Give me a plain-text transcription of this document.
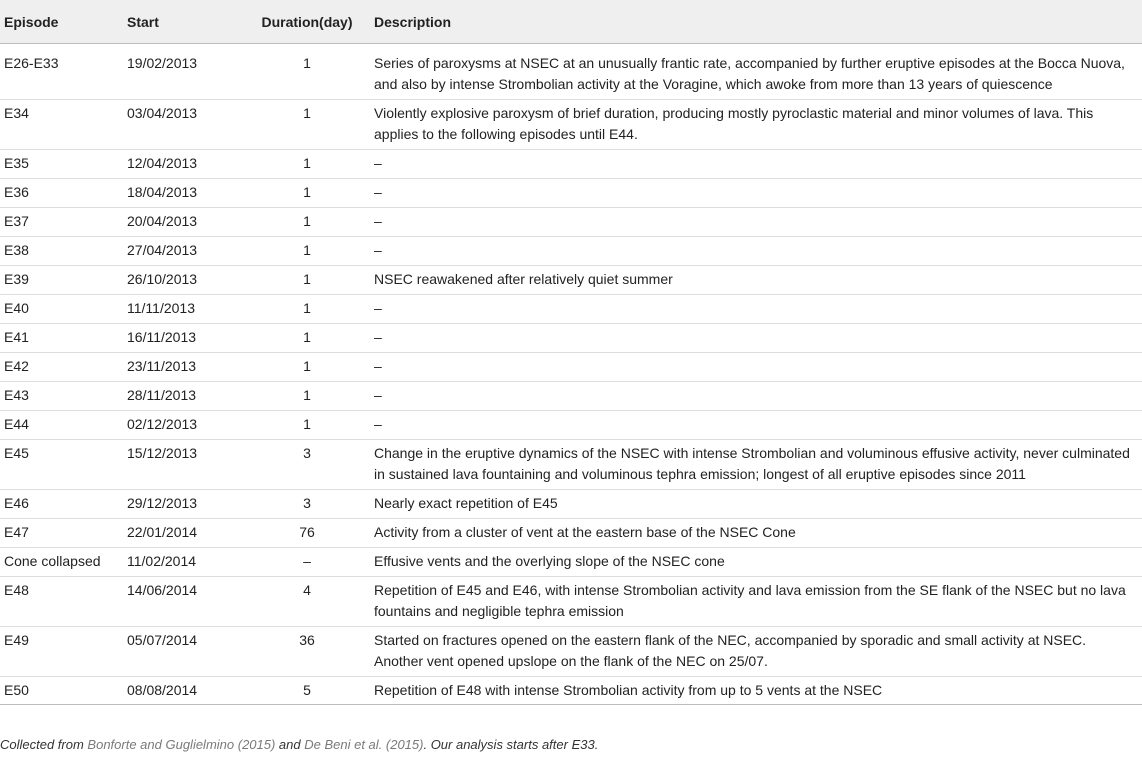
Episode	Start	Duration(day)	Description
E26-E33	19/02/2013	1	Series of paroxysms at NSEC at an unusually frantic rate, accompanied by further eruptive episodes at the Bocca Nuova, and also by intense Strombolian activity at the Voragine, which awoke from more than 13 years of quiescence
E34	03/04/2013	1	Violently explosive paroxysm of brief duration, producing mostly pyroclastic material and minor volumes of lava. This applies to the following episodes until E44.
E35	12/04/2013	1	–
E36	18/04/2013	1	–
E37	20/04/2013	1	–
E38	27/04/2013	1	–
E39	26/10/2013	1	NSEC reawakened after relatively quiet summer
E40	11/11/2013	1	–
E41	16/11/2013	1	–
E42	23/11/2013	1	–
E43	28/11/2013	1	–
E44	02/12/2013	1	–
E45	15/12/2013	3	Change in the eruptive dynamics of the NSEC with intense Strombolian and voluminous effusive activity, never culminated in sustained lava fountaining and voluminous tephra emission; longest of all eruptive episodes since 2011
E46	29/12/2013	3	Nearly exact repetition of E45
E47	22/01/2014	76	Activity from a cluster of vent at the eastern base of the NSEC Cone
Cone collapsed	11/02/2014	–	Effusive vents and the overlying slope of the NSEC cone
E48	14/06/2014	4	Repetition of E45 and E46, with intense Strombolian activity and lava emission from the SE flank of the NSEC but no lava fountains and negligible tephra emission
E49	05/07/2014	36	Started on fractures opened on the eastern flank of the NEC, accompanied by sporadic and small activity at NSEC. Another vent opened upslope on the flank of the NEC on 25/07.
E50	08/08/2014	5	Repetition of E48 with intense Strombolian activity from up to 5 vents at the NSEC
Collected from Bonforte and Guglielmino (2015) and De Beni et al. (2015). Our analysis starts after E33.
